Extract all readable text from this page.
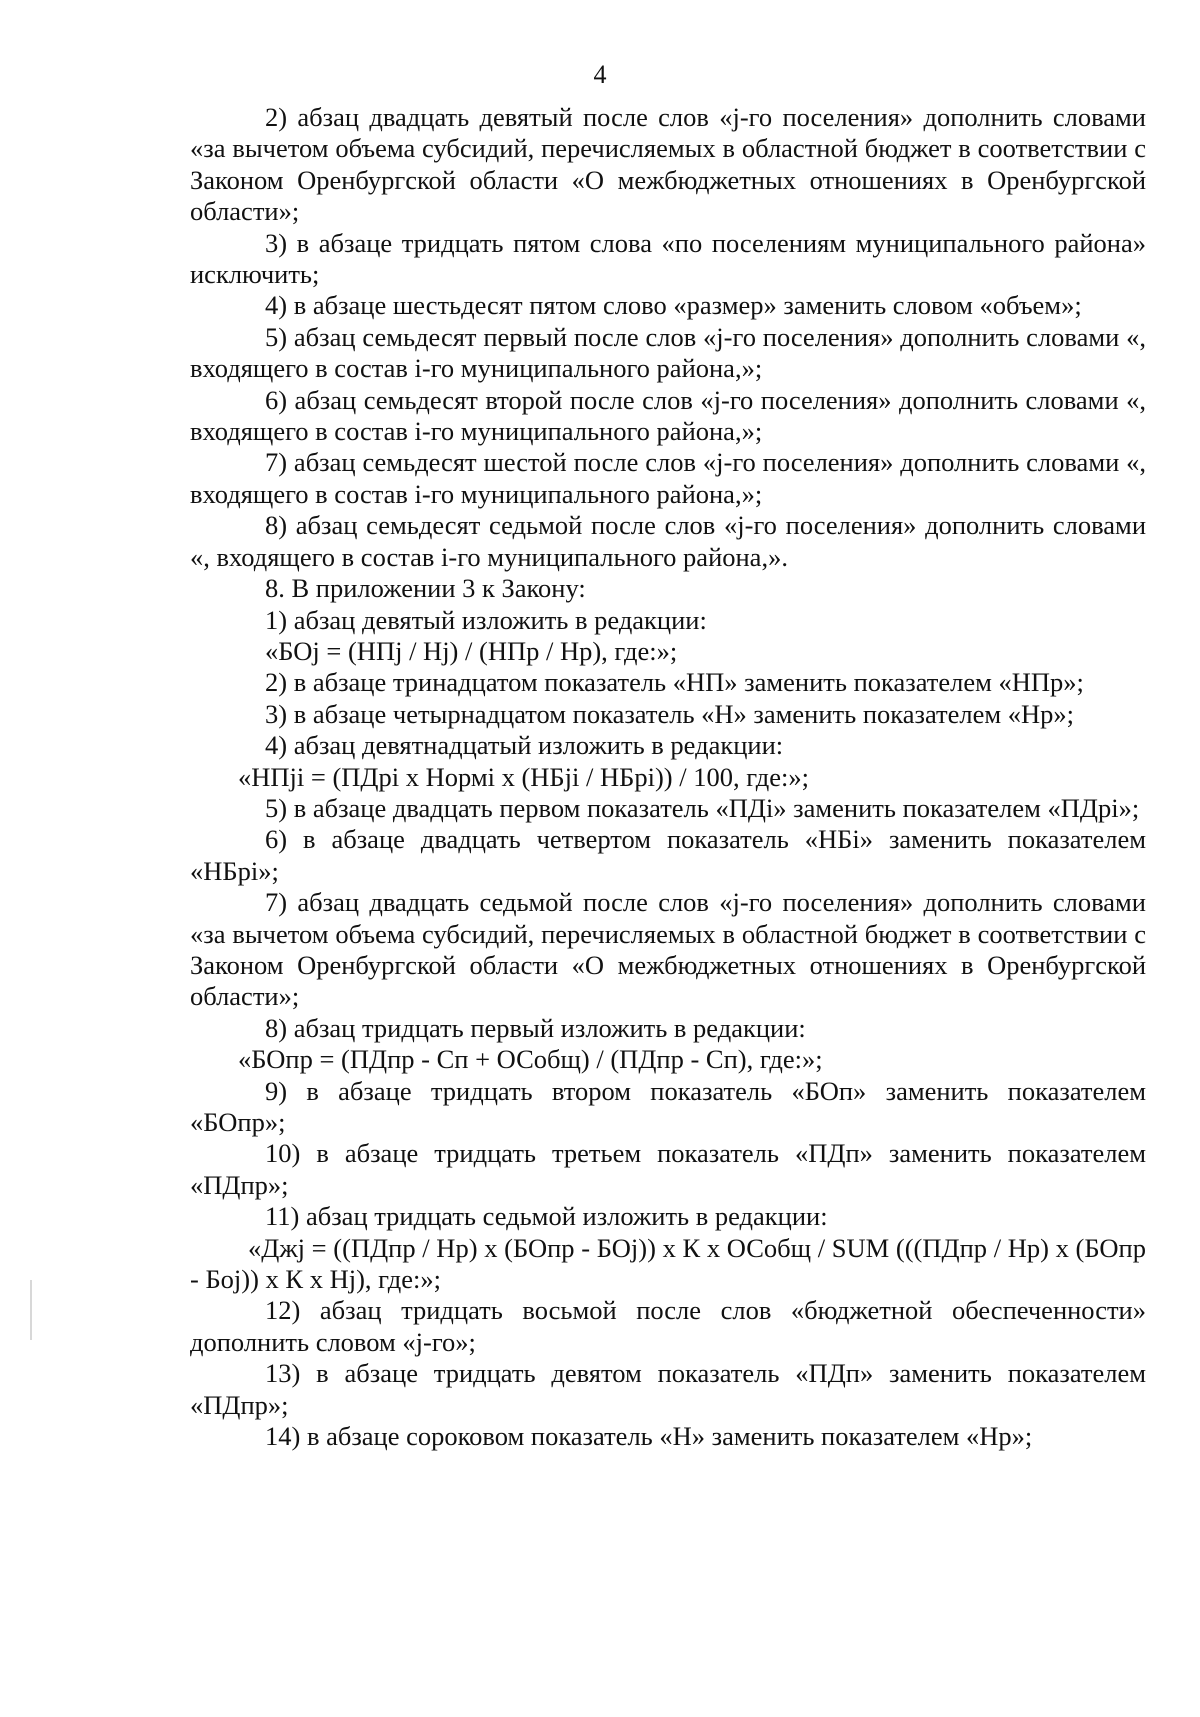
4

2) абзац двадцать девятый после слов «j-го поселения» дополнить словами «за вычетом объема субсидий, перечисляемых в областной бюджет в соответствии с Законом Оренбургской области «О межбюджетных отношениях в Оренбургской области»;

3) в абзаце тридцать пятом слова «по поселениям муниципального района» исключить;

4) в абзаце шестьдесят пятом слово «размер» заменить словом «объем»;

5) абзац семьдесят первый после слов «j-го поселения» дополнить словами «, входящего в состав i-го муниципального района,»;

6) абзац семьдесят второй после слов «j-го поселения» дополнить словами «, входящего в состав i-го муниципального района,»;

7) абзац семьдесят шестой после слов «j-го поселения» дополнить словами «, входящего в состав i-го муниципального района,»;

8) абзац семьдесят седьмой после слов «j-го поселения» дополнить словами «, входящего в состав i-го муниципального района,».

8. В приложении 3 к Закону:

1) абзац девятый изложить в редакции:

«БОj = (НПj / Нj) / (НПр / Нр), где:»;

2) в абзаце тринадцатом показатель «НП» заменить показателем «НПр»;

3) в абзаце четырнадцатом показатель «Н» заменить показателем «Нр»;

4) абзац девятнадцатый изложить в редакции:

«НПji = (ПДрi х Нормi х (НБji / НБрi)) / 100, где:»;

5) в абзаце двадцать первом показатель «ПДi» заменить показателем «ПДрi»;

6) в абзаце двадцать четвертом показатель «НБi» заменить показателем «НБрi»;

7) абзац двадцать седьмой после слов «j-го поселения» дополнить словами «за вычетом объема субсидий, перечисляемых в областной бюджет в соответствии с Законом Оренбургской области «О межбюджетных отношениях в Оренбургской области»;

8) абзац тридцать первый изложить в редакции:

«БОпр = (ПДпр - Сп + ОСобщ) / (ПДпр - Сп), где:»;

9) в абзаце тридцать втором показатель «БОп» заменить показателем «БОпр»;

10) в абзаце тридцать третьем показатель «ПДп» заменить показателем «ПДпр»;

11) абзац тридцать седьмой изложить в редакции:

«Джj = ((ПДпр / Нр) х (БОпр - БОj)) х К х ОСобщ / SUM (((ПДпр / Нр) х (БОпр - Бoj)) х К х Нj), где:»;

12) абзац тридцать восьмой после слов «бюджетной обеспеченности» дополнить словом «j-го»;

13) в абзаце тридцать девятом показатель «ПДп» заменить показателем «ПДпр»;

14) в абзаце сороковом показатель «Н» заменить показателем «Нр»;
